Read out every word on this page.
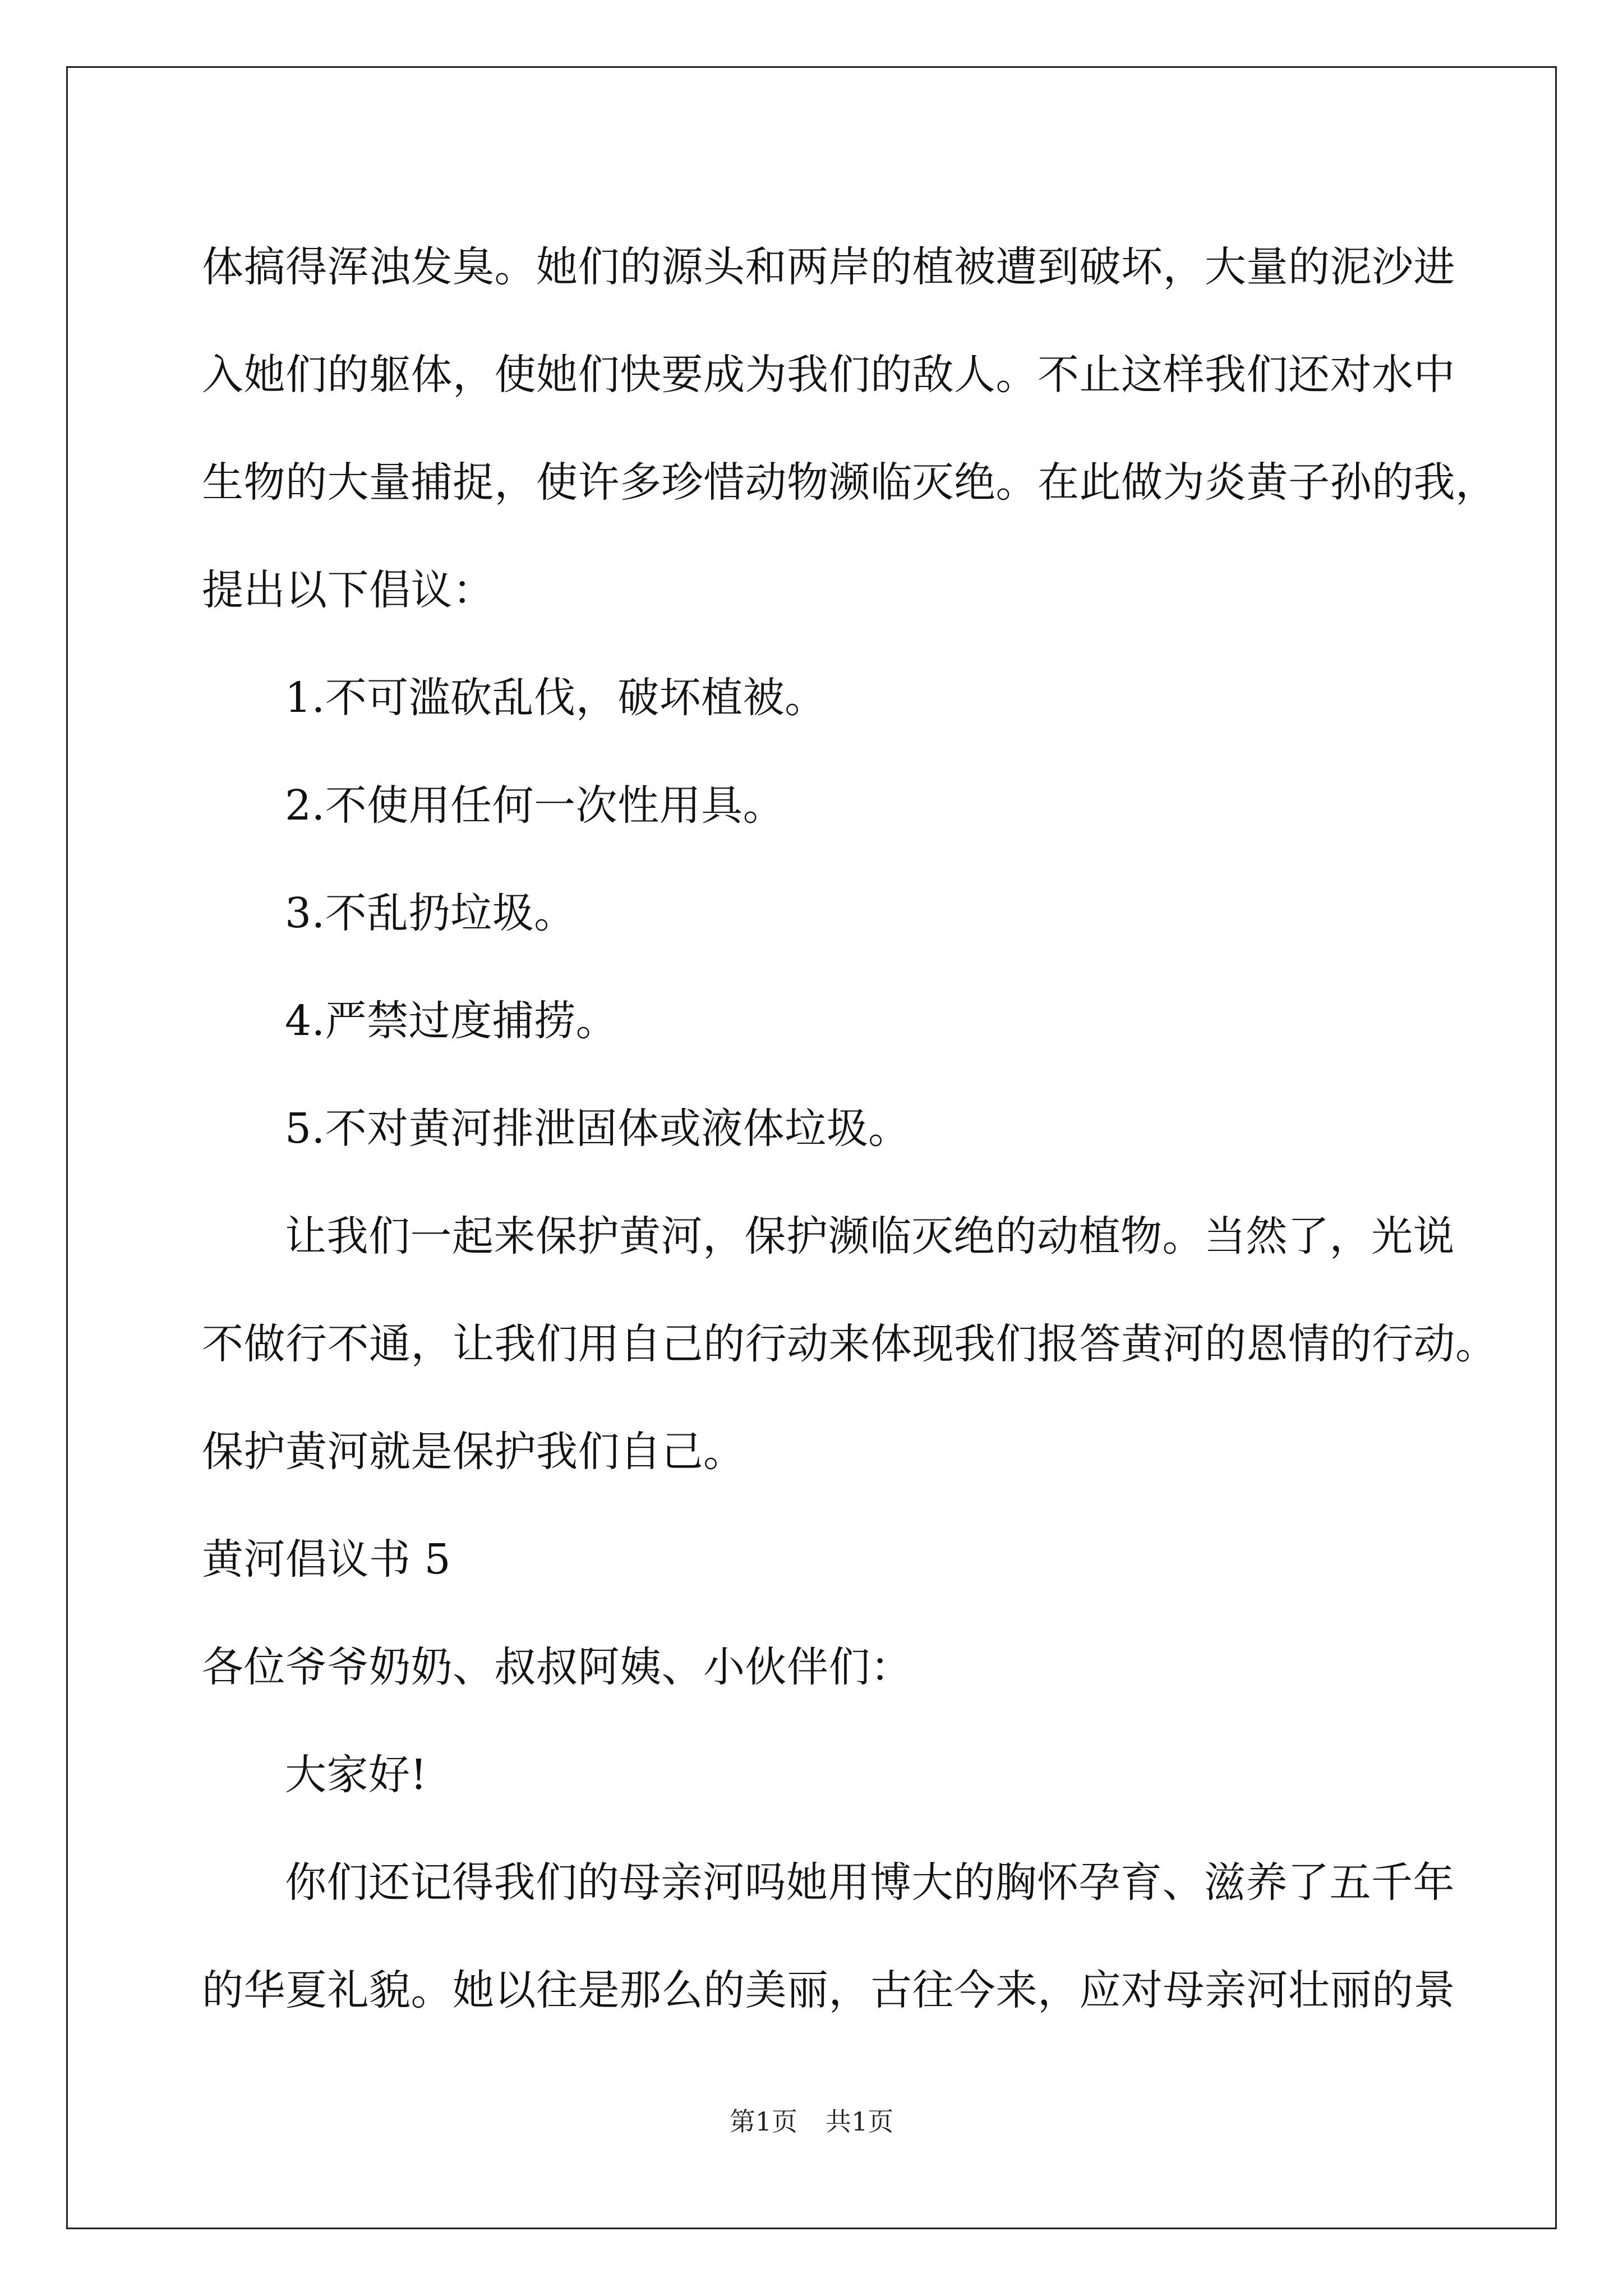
体搞得浑浊发臭。她们的源头和两岸的植被遭到破坏，大量的泥沙进
入她们的躯体，使她们快要成为我们的敌人。不止这样我们还对水中
生物的大量捕捉，使许多珍惜动物濒临灭绝。在此做为炎黄子孙的我，
提出以下倡议：
1.不可滥砍乱伐，破坏植被。
2.不使用任何一次性用具。
3.不乱扔垃圾。
4.严禁过度捕捞。
5.不对黄河排泄固体或液体垃圾。
让我们一起来保护黄河，保护濒临灭绝的动植物。当然了，光说
不做行不通，让我们用自己的行动来体现我们报答黄河的恩情的行动。
保护黄河就是保护我们自己。
黄河倡议书 5
各位爷爷奶奶、叔叔阿姨、小伙伴们：
大家好!
你们还记得我们的母亲河吗她用博大的胸怀孕育、滋养了五千年
的华夏礼貌。她以往是那么的美丽，古往今来，应对母亲河壮丽的景
第1页 共1页
